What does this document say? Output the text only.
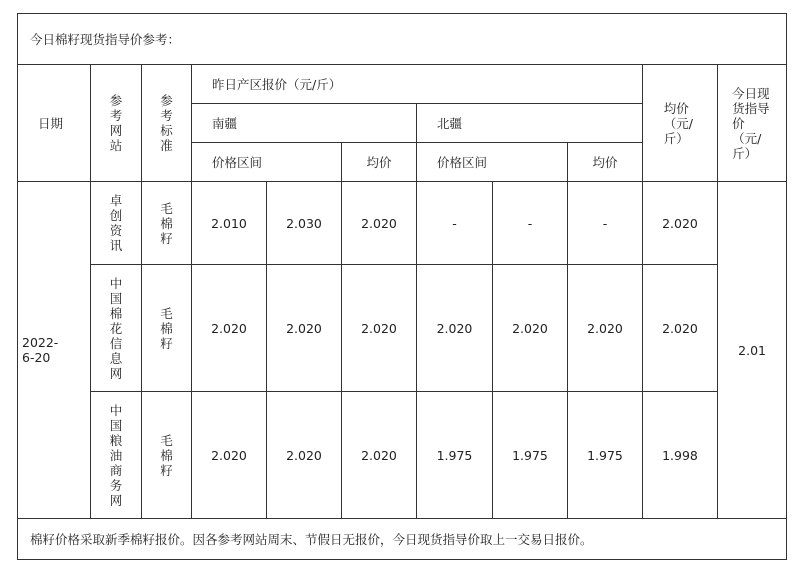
今日棉籽现货指导价参考：										
日期	参考网站	参考标准	昨日产区报价（元/斤）						均价（元/斤）	今日现货指导价（元/斤）

			南疆			北疆				
			价格区间		均价	价格区间		均价		

2022-6-20	卓创资讯	毛棉籽	2.010	2.030	2.020	-	-	-	2.020	2.01

	中国棉花信息网	毛棉籽	2.020	2.020	2.020	2.020	2.020	2.020	2.020	

	中国粮油商务网	毛棉籽	2.020	2.020	2.020	1.975	1.975	1.975	1.998	
棉籽价格采取新季棉籽报价。因各参考网站周末、节假日无报价，今日现货指导价取上一交易日报价。										
